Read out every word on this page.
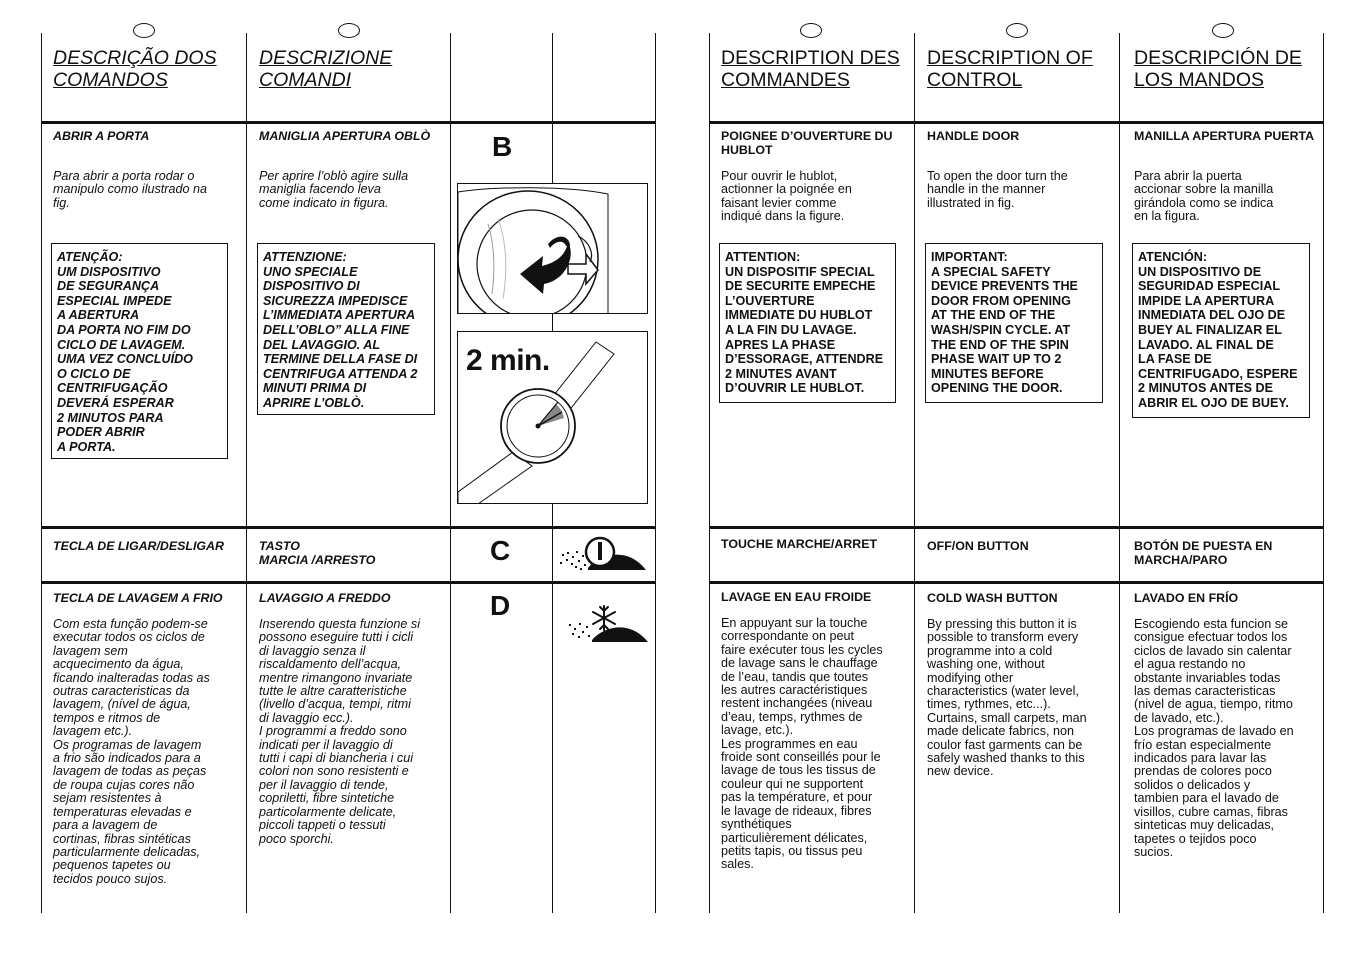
DESCRIÇÃO DOS
COMANDOS
ABRIR A PORTA
Para abrir a porta rodar o
manipulo como ilustrado na
fig.
ATENÇÃO:
UM DISPOSITIVO
DE SEGURANÇA
ESPECIAL IMPEDE
A ABERTURA
DA PORTA NO FIM DO
CICLO DE LAVAGEM.
UMA VEZ CONCLUÍDO
O CICLO DE
CENTRIFUGAÇÃO
DEVERÁ ESPERAR
2 MINUTOS PARA
PODER ABRIR
A PORTA.
TECLA DE LIGAR/DESLIGAR
TECLA DE LAVAGEM A FRIO
Com esta função podem-se
executar todos os ciclos de
lavagem sem
acquecimento da água,
ficando inalteradas todas as
outras caracteristicas da
lavagem, (nível de água,
tempos e ritmos de
lavagem etc.).
Os programas de lavagem
a frio são indicados para a
lavagem de todas as peças
de roupa cujas cores não
sejam resistentes à
temperaturas elevadas e
para a lavagem de
cortinas, fibras sintéticas
particularmente delicadas,
pequenos tapetes ou
tecidos pouco sujos.
DESCRIZIONE
COMANDI
MANIGLIA APERTURA OBLÒ
Per aprire l’oblò agire sulla
maniglia facendo leva
come indicato in figura.
ATTENZIONE:
UNO SPECIALE
DISPOSITIVO DI
SICUREZZA IMPEDISCE
L’IMMEDIATA APERTURA
DELL’OBLO” ALLA FINE
DEL LAVAGGIO. AL
TERMINE DELLA FASE DI
CENTRIFUGA ATTENDA 2
MINUTI PRIMA DI
APRIRE L’OBLÒ.
TASTO
MARCIA /ARRESTO
LAVAGGIO A FREDDO
Inserendo questa funzione si
possono eseguire tutti i cicli
di lavaggio senza il
riscaldamento dell’acqua,
mentre rimangono invariate
tutte le altre caratteristiche
(livello d’acqua, tempi, ritmi
di lavaggio ecc.).
I programmi a freddo sono
indicati per il lavaggio di
tutti i capi di biancheria i cui
colori non sono resistenti e
per il lavaggio di tende,
copriletti, fibre sintetiche
particolarmente delicate,
piccoli tappeti o tessuti
poco sporchi.
B
2 min.
C
D
DESCRIPTION DES
COMMANDES
POIGNEE D’OUVERTURE DU
HUBLOT
Pour ouvrir le hublot,
actionner la poignée en
faisant levier comme
indiqué dans la figure.
ATTENTION:
UN DISPOSITIF SPECIAL
DE SECURITE EMPECHE
L’OUVERTURE
IMMEDIATE DU HUBLOT
A LA FIN DU LAVAGE.
APRES LA PHASE
D’ESSORAGE, ATTENDRE
2 MINUTES AVANT
D’OUVRIR LE HUBLOT.
TOUCHE MARCHE/ARRET
LAVAGE EN EAU FROIDE
En appuyant sur la touche
correspondante on peut
faire exécuter tous les cycles
de lavage sans le chauffage
de l’eau, tandis que toutes
les autres caractéristiques
restent inchangées (niveau
d’eau, temps, rythmes de
lavage, etc.).
Les programmes en eau
froide sont conseillés pour le
lavage de tous les tissus de
couleur qui ne supportent
pas la température, et pour
le lavage de rideaux, fibres
synthétiques
particulièrement délicates,
petits tapis, ou tissus peu
sales.
DESCRIPTION OF
CONTROL
HANDLE DOOR
To open the door turn the
handle in the manner
illustrated in fig.
IMPORTANT:
A SPECIAL SAFETY
DEVICE PREVENTS THE
DOOR FROM OPENING
AT THE END OF THE
WASH/SPIN CYCLE. AT
THE END OF THE SPIN
PHASE WAIT UP TO 2
MINUTES BEFORE
OPENING THE DOOR.
OFF/ON BUTTON
COLD WASH BUTTON
By pressing this button it is
possible to transform every
programme into a cold
washing one, without
modifying other
characteristics (water level,
times, rythmes, etc...).
Curtains, small carpets, man
made delicate fabrics, non
coulor fast garments can be
safely washed thanks to this
new device.
DESCRIPCIÓN DE
LOS MANDOS
MANILLA APERTURA PUERTA
Para abrir la puerta
accionar sobre la manilla
girándola como se indica
en la figura.
ATENCIÓN:
UN DISPOSITIVO DE
SEGURIDAD ESPECIAL
IMPIDE LA APERTURA
INMEDIATA DEL OJO DE
BUEY AL FINALIZAR EL
LAVADO. AL FINAL DE
LA FASE DE
CENTRIFUGADO, ESPERE
2 MINUTOS ANTES DE
ABRIR EL OJO DE BUEY.
BOTÓN DE PUESTA EN
MARCHA/PARO
LAVADO EN FRÍO
Escogiendo esta funcion se
consigue efectuar todos los
ciclos de lavado sin calentar
el agua restando no
obstante invariables todas
las demas caracteristicas
(nivel de agua, tiempo, ritmo
de lavado, etc.).
Los programas de lavado en
frío estan especialmente
indicados para lavar las
prendas de colores poco
solidos o delicados y
tambien para el lavado de
visillos, cubre camas, fibras
sinteticas muy delicadas,
tapetes o tejidos poco
sucios.
